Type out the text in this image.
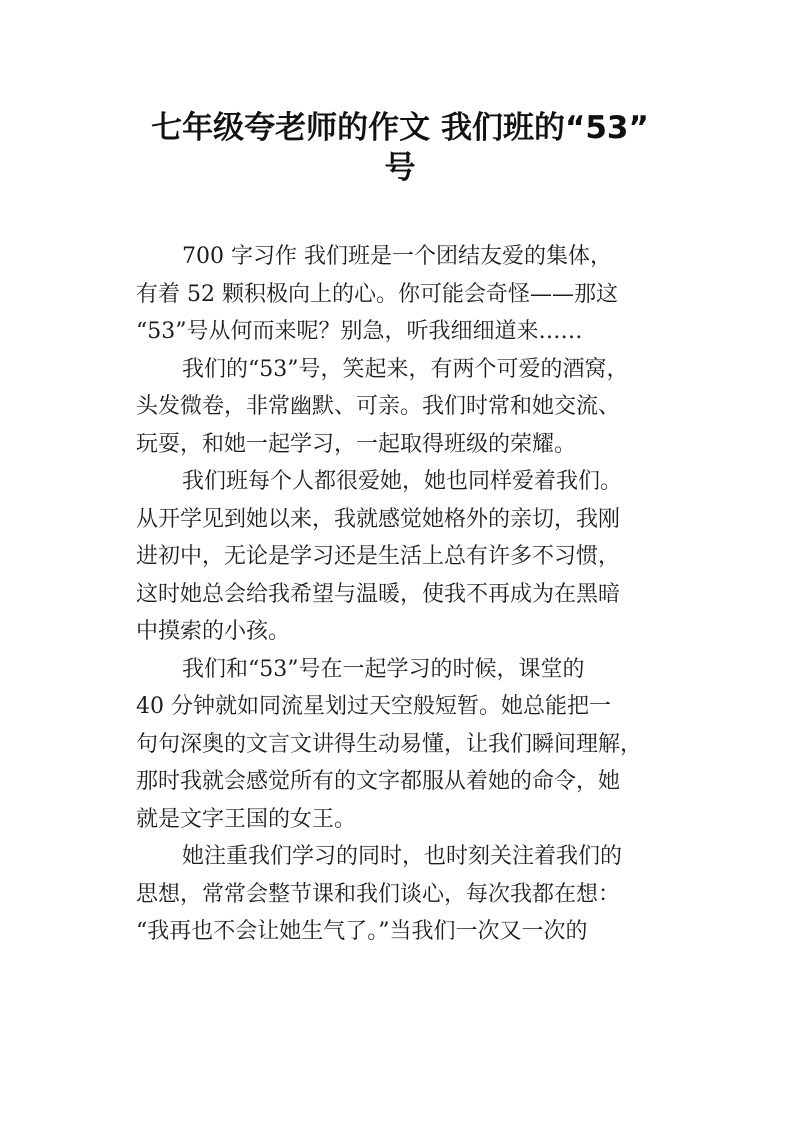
七年级夸老师的作文 我们班的“53”
号
700 字习作 我们班是一个团结友爱的集体，
有着 52 颗积极向上的心。你可能会奇怪——那这
“53”号从何而来呢？别急，听我细细道来……
我们的“53”号，笑起来，有两个可爱的酒窝，
头发微卷，非常幽默、可亲。我们时常和她交流、
玩耍，和她一起学习，一起取得班级的荣耀。
我们班每个人都很爱她，她也同样爱着我们。
从开学见到她以来，我就感觉她格外的亲切，我刚
进初中，无论是学习还是生活上总有许多不习惯，
这时她总会给我希望与温暖，使我不再成为在黑暗
中摸索的小孩。
我们和“53”号在一起学习的时候，课堂的
40 分钟就如同流星划过天空般短暂。她总能把一
句句深奥的文言文讲得生动易懂，让我们瞬间理解，
那时我就会感觉所有的文字都服从着她的命令，她
就是文字王国的女王。
她注重我们学习的同时，也时刻关注着我们的
思想，常常会整节课和我们谈心，每次我都在想：
“我再也不会让她生气了。”当我们一次又一次的
